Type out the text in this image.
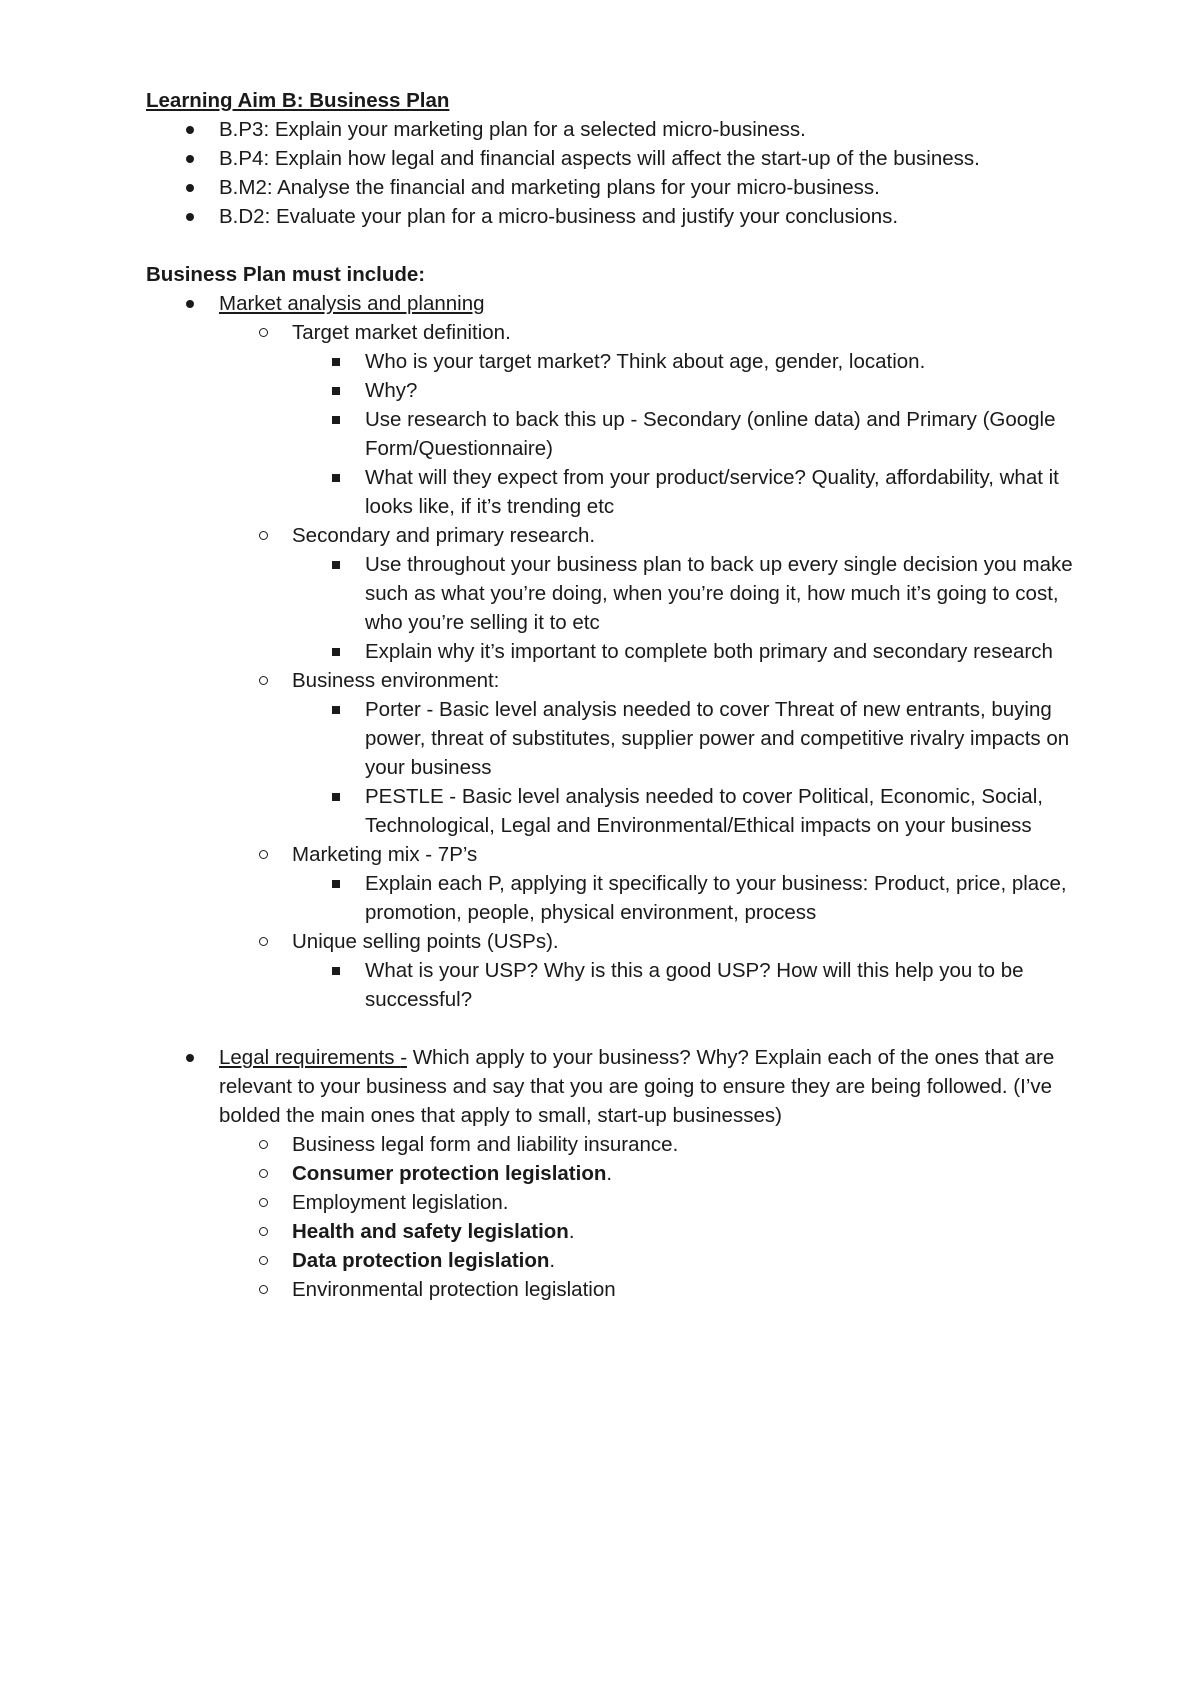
Learning Aim B: Business Plan

B.P3: Explain your marketing plan for a selected micro-business.
B.P4: Explain how legal and financial aspects will affect the start-up of the business.
B.M2: Analyse the financial and marketing plans for your micro-business.
B.D2: Evaluate your plan for a micro-business and justify your conclusions.

Business Plan must include:

Market analysis and planning
Target market definition.
Who is your target market? Think about age, gender, location.
Why?
Use research to back this up - Secondary (online data) and Primary (Google Form/Questionnaire)
What will they expect from your product/service? Quality, affordability, what it looks like, if it’s trending etc
Secondary and primary research.
Use throughout your business plan to back up every single decision you make such as what you’re doing, when you’re doing it, how much it’s going to cost, who you’re selling it to etc
Explain why it’s important to complete both primary and secondary research
Business environment:
Porter - Basic level analysis needed to cover Threat of new entrants, buying power, threat of substitutes, supplier power and competitive rivalry impacts on your business
PESTLE - Basic level analysis needed to cover Political, Economic, Social, Technological, Legal and Environmental/Ethical impacts on your business
Marketing mix - 7P’s
Explain each P, applying it specifically to your business: Product, price, place, promotion, people, physical environment, process
Unique selling points (USPs).
What is your USP? Why is this a good USP? How will this help you to be successful?
Legal requirements - Which apply to your business? Why? Explain each of the ones that are relevant to your business and say that you are going to ensure they are being followed. (I’ve bolded the main ones that apply to small, start-up businesses)
Business legal form and liability insurance.
Consumer protection legislation.
Employment legislation.
Health and safety legislation.
Data protection legislation.
Environmental protection legislation
